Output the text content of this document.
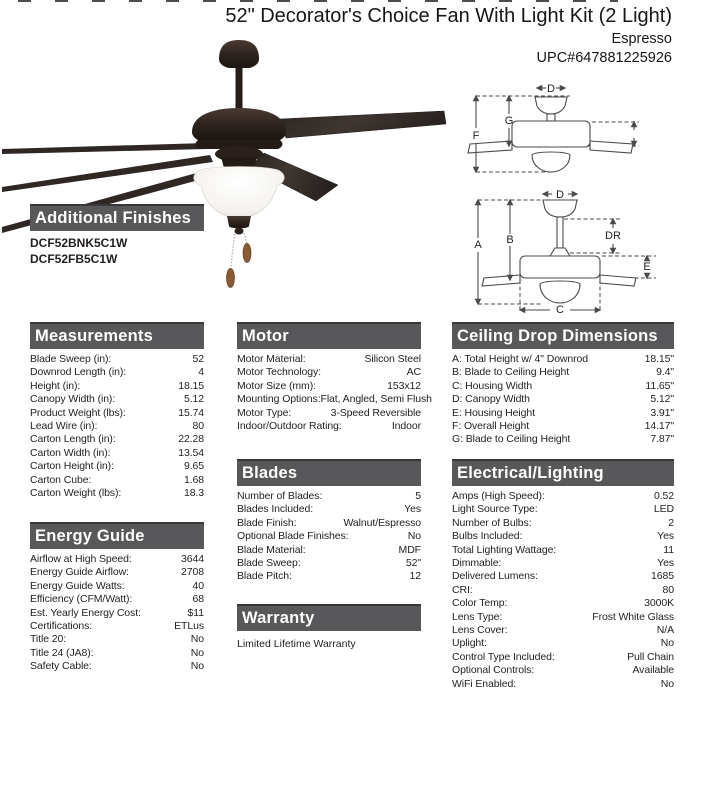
52" Decorator's Choice Fan With Light Kit (2 Light)
Espresso
UPC#647881225926
D
F
G
D
A B	DR
E
C
Additional Finishes
DCF52BNK5C1W
DCF52FB5C1W
Measurements
Blade Sweep (in):	52
Downrod Length (in):	4
Height (in):	18.15
Canopy Width (in):	5.12
Product Weight (lbs):	15.74
Lead Wire (in):	80
Carton Length (in):	22.28
Carton Width (in):	13.54
Carton Height (in):	9.65
Carton Cube:	1.68
Carton Weight (lbs):	18.3
Energy Guide
Airflow at High Speed:	3644
Energy Guide Airflow:	2708
Energy Guide Watts:	40
Efficiency (CFM/Watt):	68
Est. Yearly Energy Cost:	$11
Certifications:	ETLus
Title 20:	No
Title 24 (JA8):	No
Safety Cable:	No
Motor
Motor Material:	Silicon Steel
Motor Technology:	AC
Motor Size (mm):	153x12
Mounting Options: Flat, Angled, Semi Flush
Motor Type:	3-Speed Reversible
Indoor/Outdoor Rating:	Indoor
Blades
Number of Blades:	5
Blades Included:	Yes
Blade Finish:	Walnut/Espresso
Optional Blade Finishes:	No
Blade Material:	MDF
Blade Sweep:	52"
Blade Pitch:	12
Warranty
Limited Lifetime Warranty
Ceiling Drop Dimensions
A: Total Height w/ 4" Downrod	18.15"
B: Blade to Ceiling Height	9.4"
C: Housing Width	11.65"
D: Canopy Width	5.12"
E: Housing Height	3.91"
F: Overall Height	14.17"
G: Blade to Ceiling Height	7.87"
Electrical/Lighting
Amps (High Speed):	0.52
Light Source Type:	LED
Number of Bulbs:	2
Bulbs Included:	Yes
Total Lighting Wattage:	11
Dimmable:	Yes
Delivered Lumens:	1685
CRI:	80
Color Temp:	3000K
Lens Type:	Frost White Glass
Lens Cover:	N/A
Uplight:	No
Control Type Included:	Pull Chain
Optional Controls:	Available
WiFi Enabled:	No
